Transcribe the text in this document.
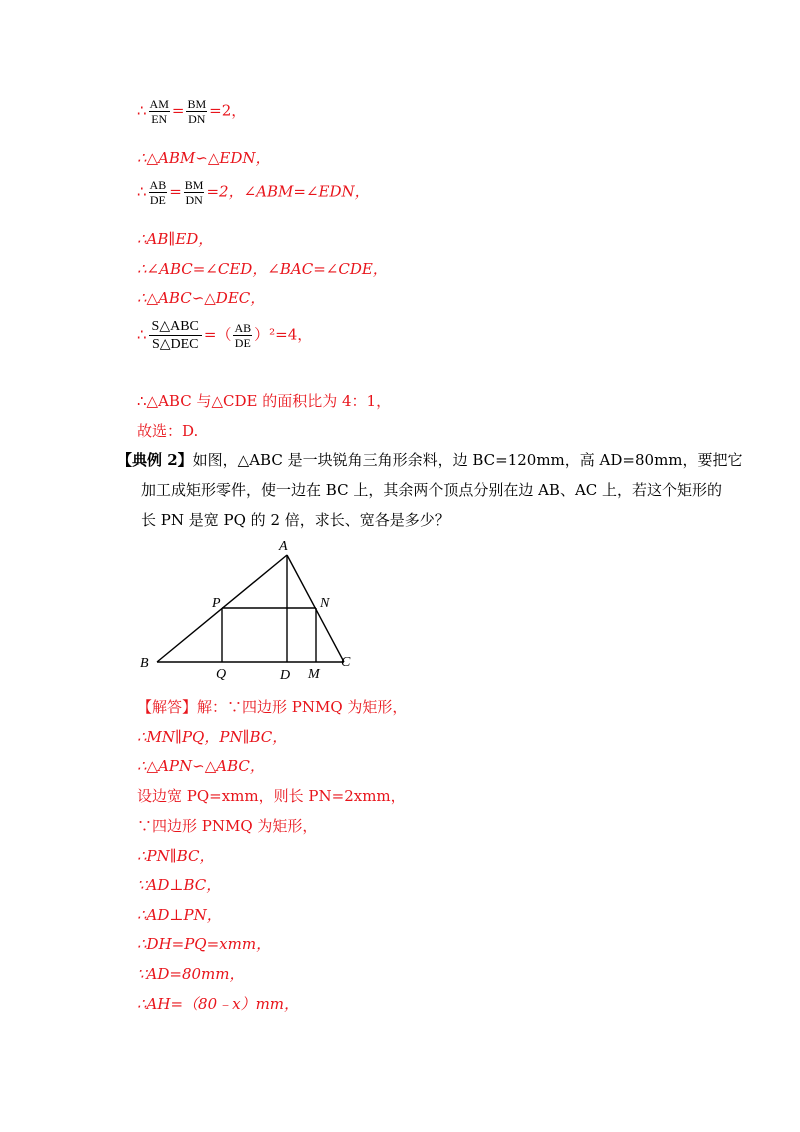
∴ $\frac{AM}{EN} = \frac{BM}{DN} =2$，
∴△ABM∽△EDN，
∴ $\frac{AB}{DE} = \frac{BM}{DN} =2$，∠ABM=∠EDN，
∴AB∥ED，
∴∠ABC=∠CED，∠BAC=∠CDE，
∴△ABC∽△DEC，
∴ $\frac{\text{S△ABC}}{\text{S△DEC}}$ =（ $\frac{AB}{DE} )^2=4$，
∴△ABC 与△CDE 的面积比为 4：1，
故选：D.
【典例 2】如图，△ABC 是一块锐角三角形余料，边 BC=120mm，高 AD=80mm，要把它
加工成矩形零件，使一边在 BC 上，其余两个顶点分别在边 AB、AC 上，若这个矩形的
长 PN 是宽 PQ 的 2 倍，求长、宽各是多少？
A
B	C
D
P	N
Q	M
【解答】解：∵四边形 PNMQ 为矩形，
∴MN∥PQ，PN∥BC，
∴△APN∽△ABC，
设边宽 PQ=xmm，则长 PN=2xmm，
∵四边形 PNMQ 为矩形，
∴PN∥BC，
∵AD⊥BC，
∴AD⊥PN，
∴DH=PQ=xmm，
∵AD=80mm，
∴AH=（80﹣x）mm，
